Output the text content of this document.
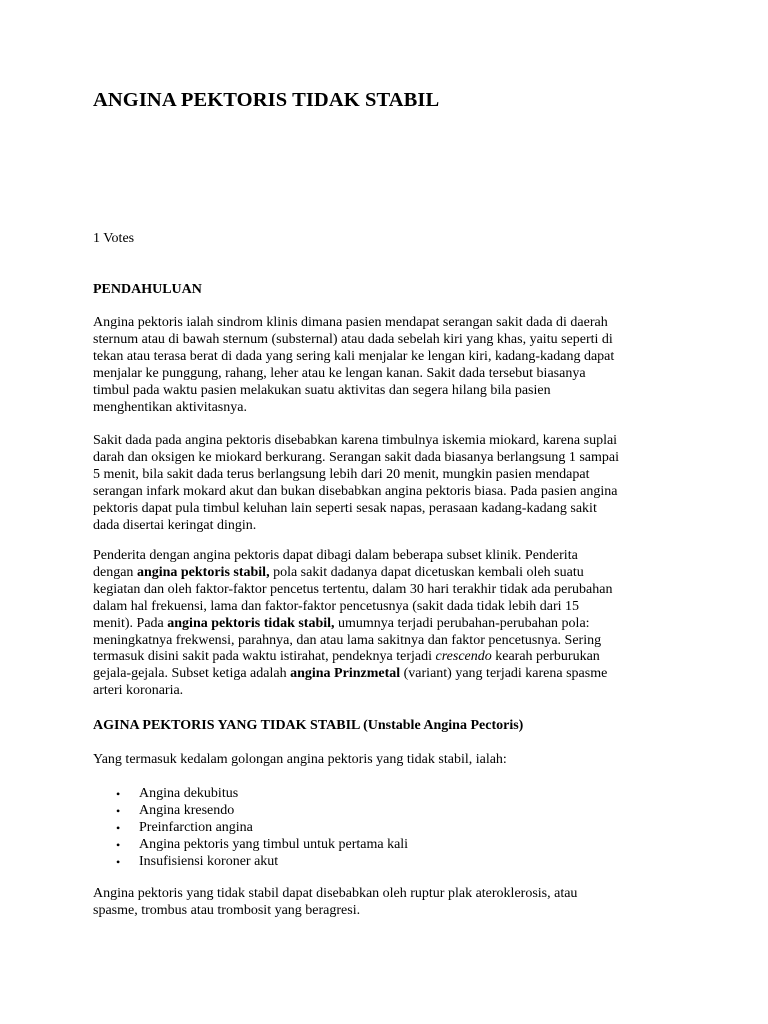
ANGINA PEKTORIS TIDAK STABIL
1 Votes
PENDAHULUAN
Angina pektoris ialah sindrom klinis dimana pasien mendapat serangan sakit dada di daerah
sternum atau di bawah sternum (substernal) atau dada sebelah kiri yang khas, yaitu seperti di
tekan atau terasa berat di dada yang sering kali menjalar ke lengan kiri, kadang-kadang dapat
menjalar ke punggung, rahang, leher atau ke lengan kanan. Sakit dada tersebut biasanya
timbul pada waktu pasien melakukan suatu aktivitas dan segera hilang bila pasien
menghentikan aktivitasnya.
Sakit dada pada angina pektoris disebabkan karena timbulnya iskemia miokard, karena suplai
darah dan oksigen ke miokard berkurang. Serangan sakit dada biasanya berlangsung 1 sampai
5 menit, bila sakit dada terus berlangsung lebih dari 20 menit, mungkin pasien mendapat
serangan infark mokard akut dan bukan disebabkan angina pektoris biasa. Pada pasien angina
pektoris dapat pula timbul keluhan lain seperti sesak napas, perasaan kadang-kadang sakit
dada disertai keringat dingin.
Penderita dengan angina pektoris dapat dibagi dalam beberapa subset klinik. Penderita
dengan angina pektoris stabil, pola sakit dadanya dapat dicetuskan kembali oleh suatu
kegiatan dan oleh faktor-faktor pencetus tertentu, dalam 30 hari terakhir tidak ada perubahan
dalam hal frekuensi, lama dan faktor-faktor pencetusnya (sakit dada tidak lebih dari 15
menit). Pada angina pektoris tidak stabil, umumnya terjadi perubahan-perubahan pola:
meningkatnya frekwensi, parahnya, dan atau lama sakitnya dan faktor pencetusnya. Sering
termasuk disini sakit pada waktu istirahat, pendeknya terjadi crescendo kearah perburukan
gejala-gejala. Subset ketiga adalah angina Prinzmetal (variant) yang terjadi karena spasme
arteri koronaria.
AGINA PEKTORIS YANG TIDAK STABIL (Unstable Angina Pectoris)
Yang termasuk kedalam golongan angina pektoris yang tidak stabil, ialah:
• Angina dekubitus
• Angina kresendo
• Preinfarction angina
• Angina pektoris yang timbul untuk pertama kali
• Insufisiensi koroner akut
Angina pektoris yang tidak stabil dapat disebabkan oleh ruptur plak ateroklerosis, atau
spasme, trombus atau trombosit yang beragresi.
